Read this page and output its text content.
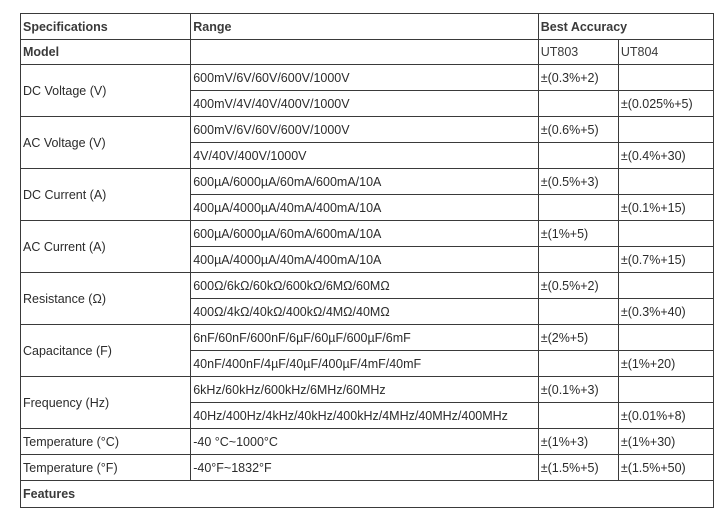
Specifications	Range	Best Accuracy	
Model		UT803	UT804
DC Voltage (V)	600mV/6V/60V/600V/1000V	±(0.3%+2)	
	400mV/4V/40V/400V/1000V		±(0.025%+5)
AC Voltage (V)	600mV/6V/60V/600V/1000V	±(0.6%+5)	
	4V/40V/400V/1000V		±(0.4%+30)
DC Current (A)	600µA/6000µA/60mA/600mA/10A	±(0.5%+3)	
	400µA/4000µA/40mA/400mA/10A		±(0.1%+15)
AC Current (A)	600µA/6000µA/60mA/600mA/10A	±(1%+5)	
	400µA/4000µA/40mA/400mA/10A		±(0.7%+15)
Resistance (Ω)	600Ω/6kΩ/60kΩ/600kΩ/6MΩ/60MΩ	±(0.5%+2)	
	400Ω/4kΩ/40kΩ/400kΩ/4MΩ/40MΩ		±(0.3%+40)
Capacitance (F)	6nF/60nF/600nF/6µF/60µF/600µF/6mF	±(2%+5)	
	40nF/400nF/4µF/40µF/400µF/4mF/40mF		±(1%+20)
Frequency (Hz)	6kHz/60kHz/600kHz/6MHz/60MHz	±(0.1%+3)	
	40Hz/400Hz/4kHz/40kHz/400kHz/4MHz/40MHz/400MHz		±(0.01%+8)
Temperature (°C)	-40 °C~1000°C	±(1%+3)	±(1%+30)
Temperature (°F)	-40°F~1832°F	±(1.5%+5)	±(1.5%+50)
Features			
